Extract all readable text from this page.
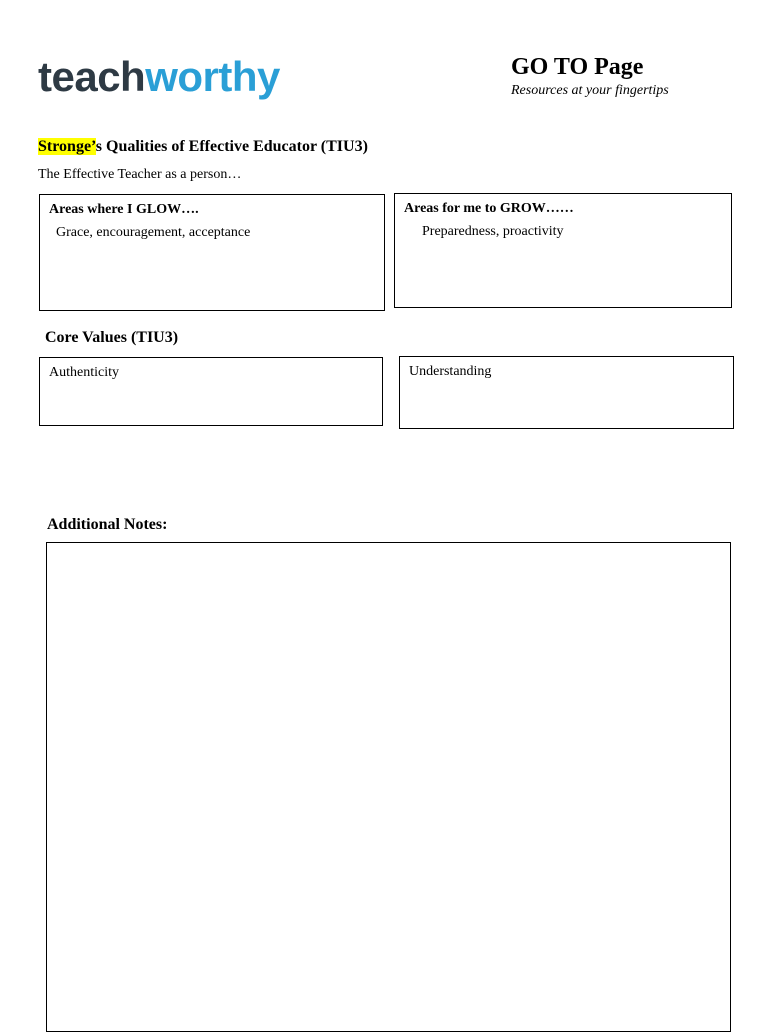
teachworthy	GO TO Page
Resources at your fingertips
Stronge’s Qualities of Effective Educator (TIU3)
The Effective Teacher as a person…
Areas where I GLOW….
Grace, encouragement, acceptance
Areas for me to GROW……
Preparedness, proactivity
Core Values (TIU3)
Authenticity	Understanding
Additional Notes:
